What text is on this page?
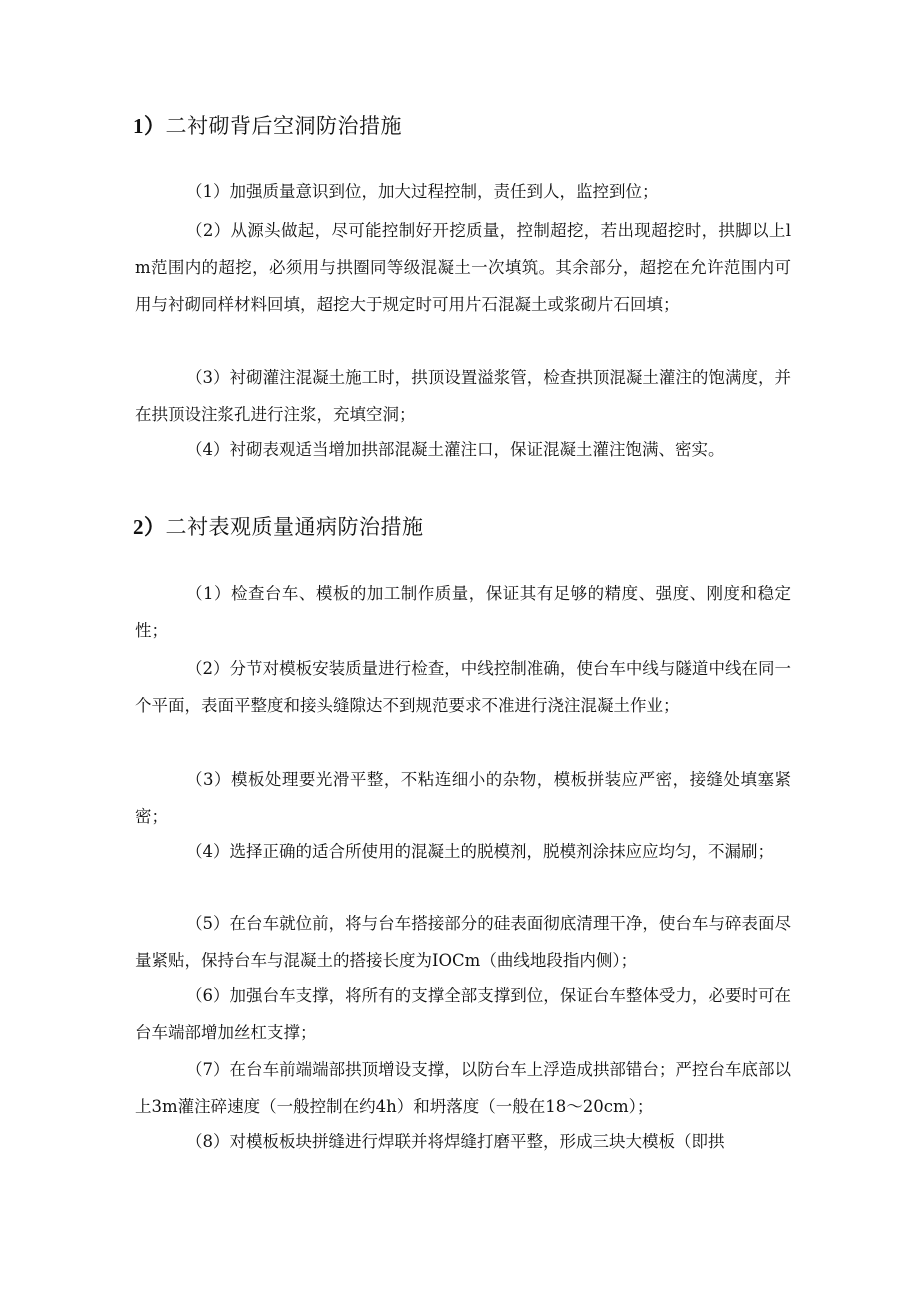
1）二衬砌背后空洞防治措施

（1）加强质量意识到位，加大过程控制，责任到人，监控到位；

（2）从源头做起，尽可能控制好开挖质量，控制超挖，若出现超挖时，拱脚以上lm范围内的超挖，必须用与拱圈同等级混凝土一次填筑。其余部分，超挖在允许范围内可用与衬砌同样材料回填，超挖大于规定时可用片石混凝土或浆砌片石回填；

（3）衬砌灌注混凝土施工时，拱顶设置溢浆管，检查拱顶混凝土灌注的饱满度，并在拱顶设注浆孔进行注浆，充填空洞；

（4）衬砌表观适当增加拱部混凝土灌注口，保证混凝土灌注饱满、密实。

2）二衬表观质量通病防治措施

（1）检查台车、模板的加工制作质量，保证其有足够的精度、强度、刚度和稳定性；

（2）分节对模板安装质量进行检查，中线控制准确，使台车中线与隧道中线在同一个平面，表面平整度和接头缝隙达不到规范要求不准进行浇注混凝土作业；

（3）模板处理要光滑平整，不粘连细小的杂物，模板拼装应严密，接缝处填塞紧密；

（4）选择正确的适合所使用的混凝土的脱模剂，脱模剂涂抹应应均匀，不漏刷；

（5）在台车就位前，将与台车搭接部分的硅表面彻底清理干净，使台车与碎表面尽量紧贴，保持台车与混凝土的搭接长度为IOCm（曲线地段指内侧）；

（6）加强台车支撑，将所有的支撑全部支撑到位，保证台车整体受力，必要时可在台车端部增加丝杠支撑；

（7）在台车前端端部拱顶增设支撑，以防台车上浮造成拱部错台；严控台车底部以上3m灌注碎速度（一般控制在约4h）和坍落度（一般在18～20cm）；

（8）对模板板块拼缝进行焊联并将焊缝打磨平整，形成三块大模板（即拱
